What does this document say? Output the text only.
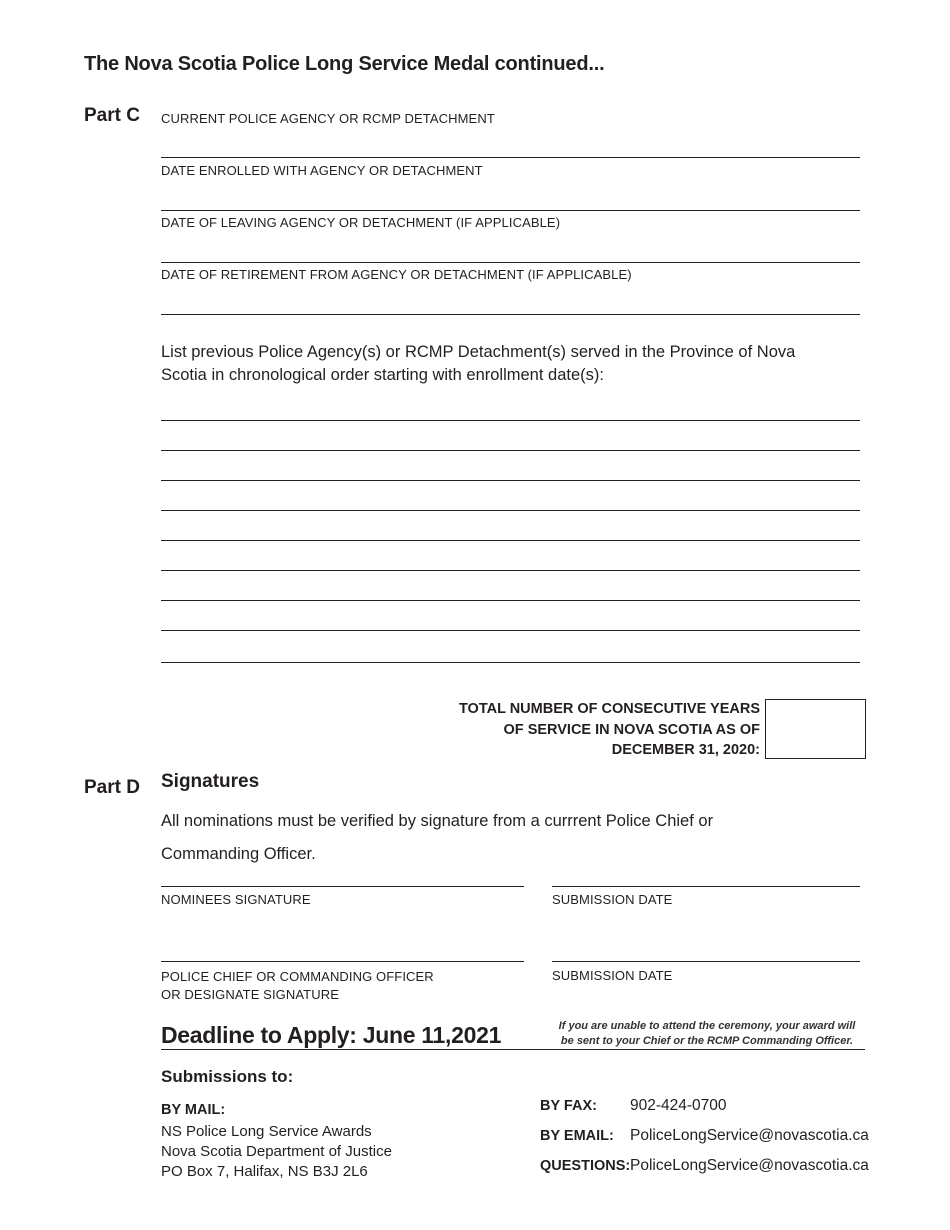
The Nova Scotia Police Long Service Medal continued...
Part C CURRENT POLICE AGENCY OR RCMP DETACHMENT
DATE ENROLLED WITH AGENCY OR DETACHMENT
DATE OF LEAVING AGENCY OR DETACHMENT (IF APPLICABLE)
DATE OF RETIREMENT FROM AGENCY OR DETACHMENT (IF APPLICABLE)
List previous Police Agency(s) or RCMP Detachment(s) served in the Province of Nova Scotia in chronological order starting with enrollment date(s):
TOTAL NUMBER OF CONSECUTIVE YEARS
OF SERVICE IN NOVA SCOTIA AS OF
DECEMBER 31, 2020:
Part D Signatures
All nominations must be verified by signature from a currrent Police Chief or Commanding Officer.
NOMINEES SIGNATURE	SUBMISSION DATE
POLICE CHIEF OR COMMANDING OFFICER
OR DESIGNATE SIGNATURE
SUBMISSION DATE
Deadline to Apply: June 11,2021	If you are unable to attend the ceremony, your award will be sent to your Chief or the RCMP Commanding Officer.
Submissions to:
BY MAIL:
NS Police Long Service Awards
Nova Scotia Department of Justice
PO Box 7, Halifax, NS B3J 2L6
BY FAX: 902-424-0700
BY EMAIL: PoliceLongService@novascotia.ca
QUESTIONS: PoliceLongService@novascotia.ca
